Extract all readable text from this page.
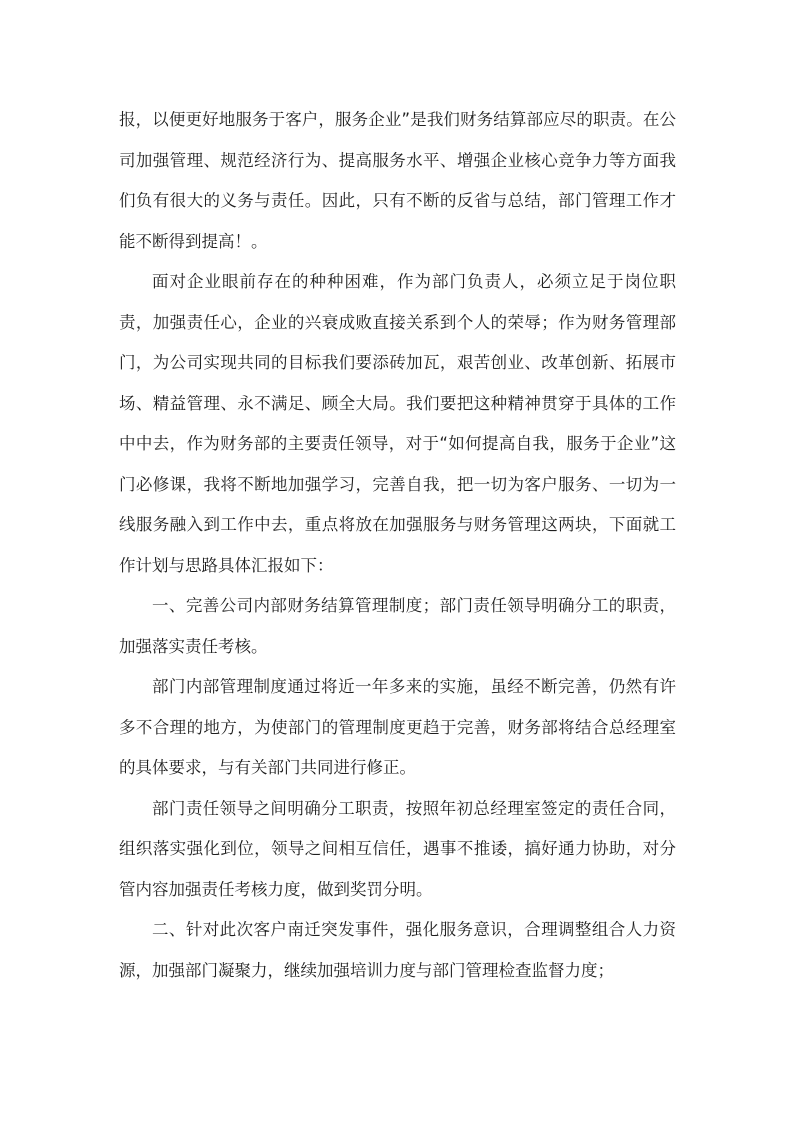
报，以便更好地服务于客户，服务企业”是我们财务结算部应尽的职责。在公司加强管理、规范经济行为、提高服务水平、增强企业核心竞争力等方面我们负有很大的义务与责任。因此，只有不断的反省与总结，部门管理工作才能不断得到提高！。

面对企业眼前存在的种种困难，作为部门负责人，必须立足于岗位职责，加强责任心，企业的兴衰成败直接关系到个人的荣辱；作为财务管理部门，为公司实现共同的目标我们要添砖加瓦，艰苦创业、改革创新、拓展市场、精益管理、永不满足、顾全大局。我们要把这种精神贯穿于具体的工作中中去，作为财务部的主要责任领导，对于“如何提高自我，服务于企业”这门必修课，我将不断地加强学习，完善自我，把一切为客户服务、一切为一线服务融入到工作中去，重点将放在加强服务与财务管理这两块，下面就工作计划与思路具体汇报如下：

一、完善公司内部财务结算管理制度；部门责任领导明确分工的职责，加强落实责任考核。

部门内部管理制度通过将近一年多来的实施，虽经不断完善，仍然有许多不合理的地方，为使部门的管理制度更趋于完善，财务部将结合总经理室的具体要求，与有关部门共同进行修正。

部门责任领导之间明确分工职责，按照年初总经理室签定的责任合同，组织落实强化到位，领导之间相互信任，遇事不推诿，搞好通力协助，对分管内容加强责任考核力度，做到奖罚分明。

二、针对此次客户南迁突发事件，强化服务意识，合理调整组合人力资源，加强部门凝聚力，继续加强培训力度与部门管理检查监督力度；
